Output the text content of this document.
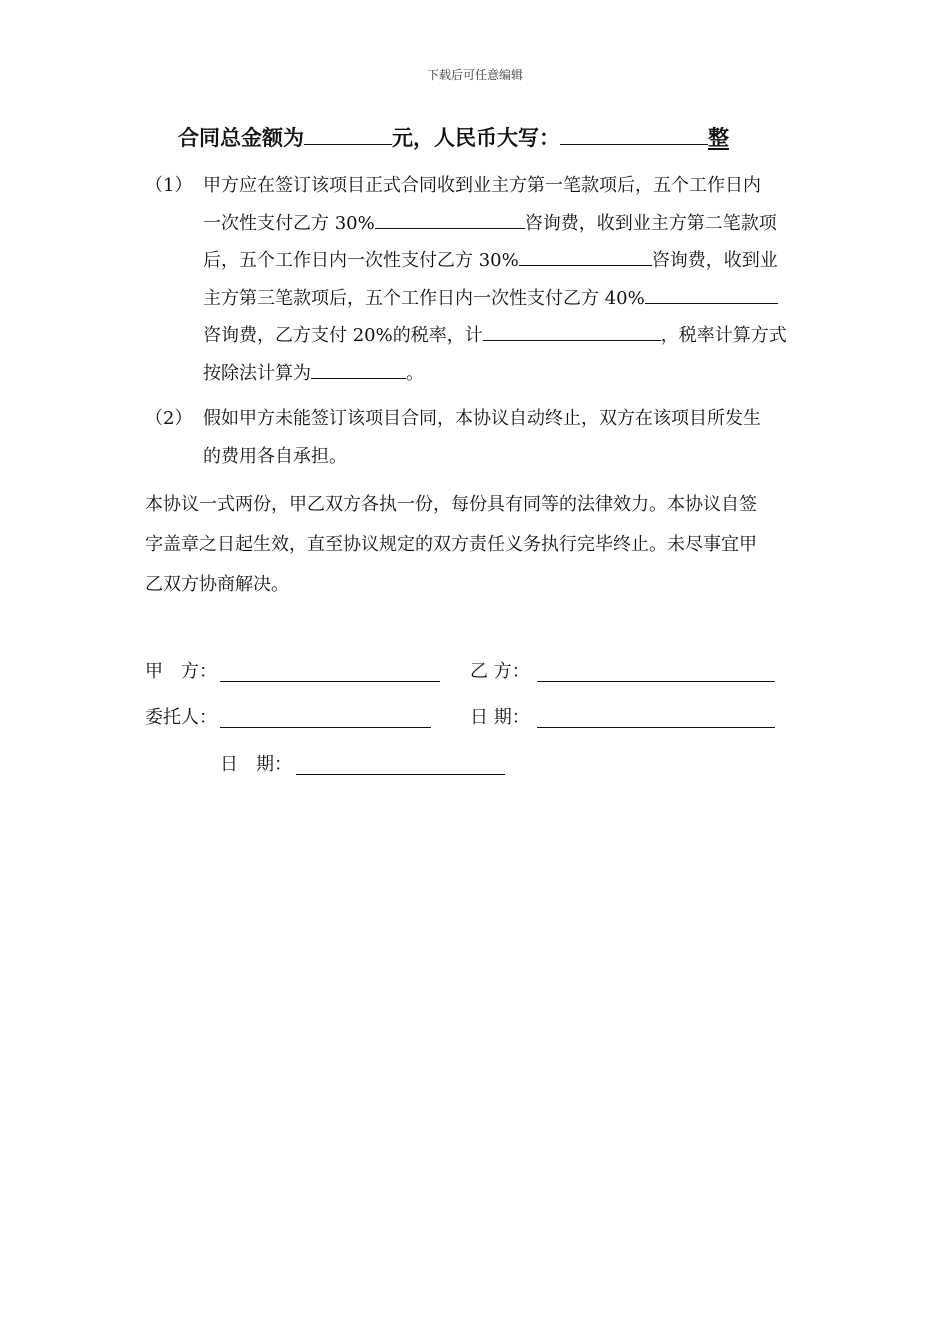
下载后可任意编辑
合同总金额为	元，人民币大写：	整
（1） 甲方应在签订该项目正式合同收到业主方第一笔款项后，五个工作日内
一次性支付乙方 30%	咨询费，收到业主方第二笔款项
后，五个工作日内一次性支付乙方 30%	咨询费，收到业
主方第三笔款项后，五个工作日内一次性支付乙方 40%
咨询费，乙方支付 20%的税率，计	，税率计算方式
按除法计算为	。
（2） 假如甲方未能签订该项目合同，本协议自动终止，双方在该项目所发生
的费用各自承担。
本协议一式两份，甲乙双方各执一份，每份具有同等的法律效力。本协议自签
字盖章之日起生效，直至协议规定的双方责任义务执行完毕终止。未尽事宜甲
乙双方协商解决。
甲　方：	乙 方：
委托人：	日 期：
日　期：
